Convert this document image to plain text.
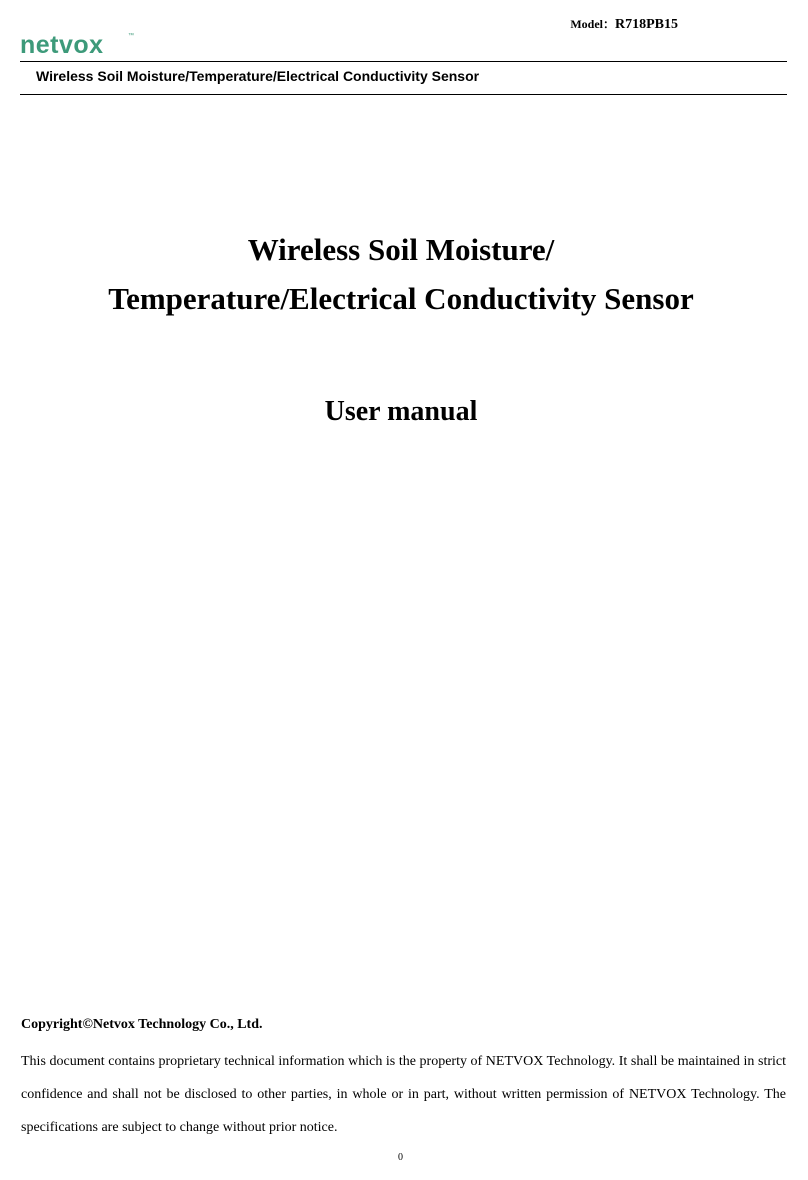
netvox	™
Model：R718PB15
Wireless Soil Moisture/Temperature/Electrical Conductivity Sensor
Wireless Soil Moisture/
Temperature/Electrical Conductivity Sensor
User manual
Copyright©Netvox Technology Co., Ltd.

This document contains proprietary technical information which is the property of NETVOX Technology. It shall be maintained in strict confidence and shall not be disclosed to other parties, in whole or in part, without written permission of NETVOX Technology. The specifications are subject to change without prior notice.

0
